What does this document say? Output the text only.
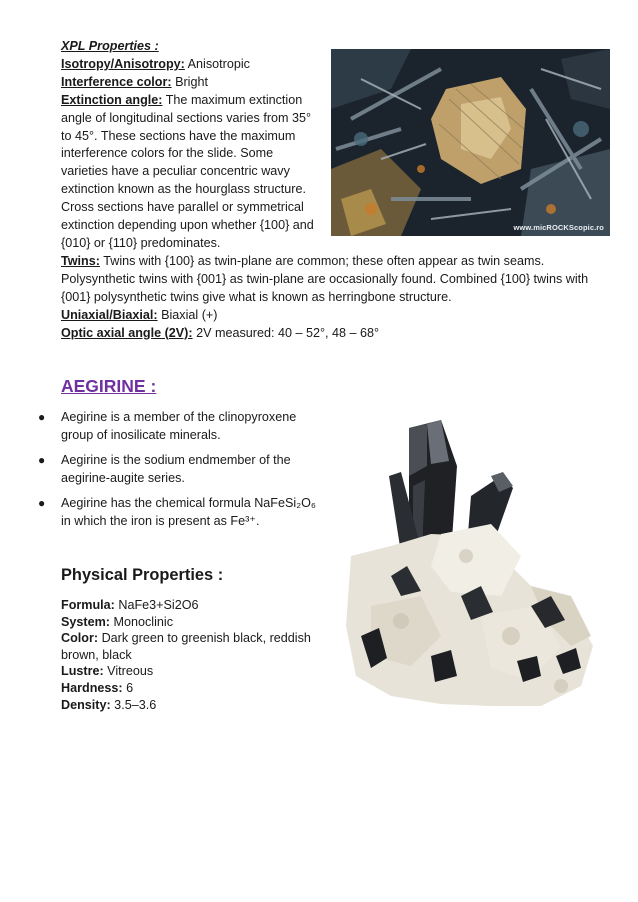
XPL Properties :

Isotropy/Anisotropy: Anisotropic

Interference color: Bright

Extinction angle: The maximum extinction angle of longitudinal sections varies from 35° to 45°. These sections have the maximum interference colors for the slide. Some varieties have a peculiar concentric wavy extinction known as the hourglass structure. Cross sections have parallel or symmetrical extinction depending upon whether {100} and {010} or {110} predominates.

Twins: Twins with {100} as twin-plane are common; these often appear as twin seams. Polysynthetic twins with {001} as twin-plane are occasionally found. Combined {100} twins with {001} polysynthetic twins give what is known as herringbone structure.

Uniaxial/Biaxial: Biaxial (+)

Optic axial angle (2V): 2V measured: 40 – 52°, 48 – 68°

www.micROCKScopic.ro
AEGIRINE :
● Aegirine is a member of the clinopyroxene group of inosilicate minerals.
● Aegirine is the sodium endmember of the aegirine-augite series.
● Aegirine has the chemical formula NaFeSi₂O₆ in which the iron is present as Fe³⁺.
Physical Properties :

Formula: NaFe3+Si2O6

System: Monoclinic

Color: Dark green to greenish black, reddish brown, black

Lustre: Vitreous

Hardness: 6

Density: 3.5–3.6
